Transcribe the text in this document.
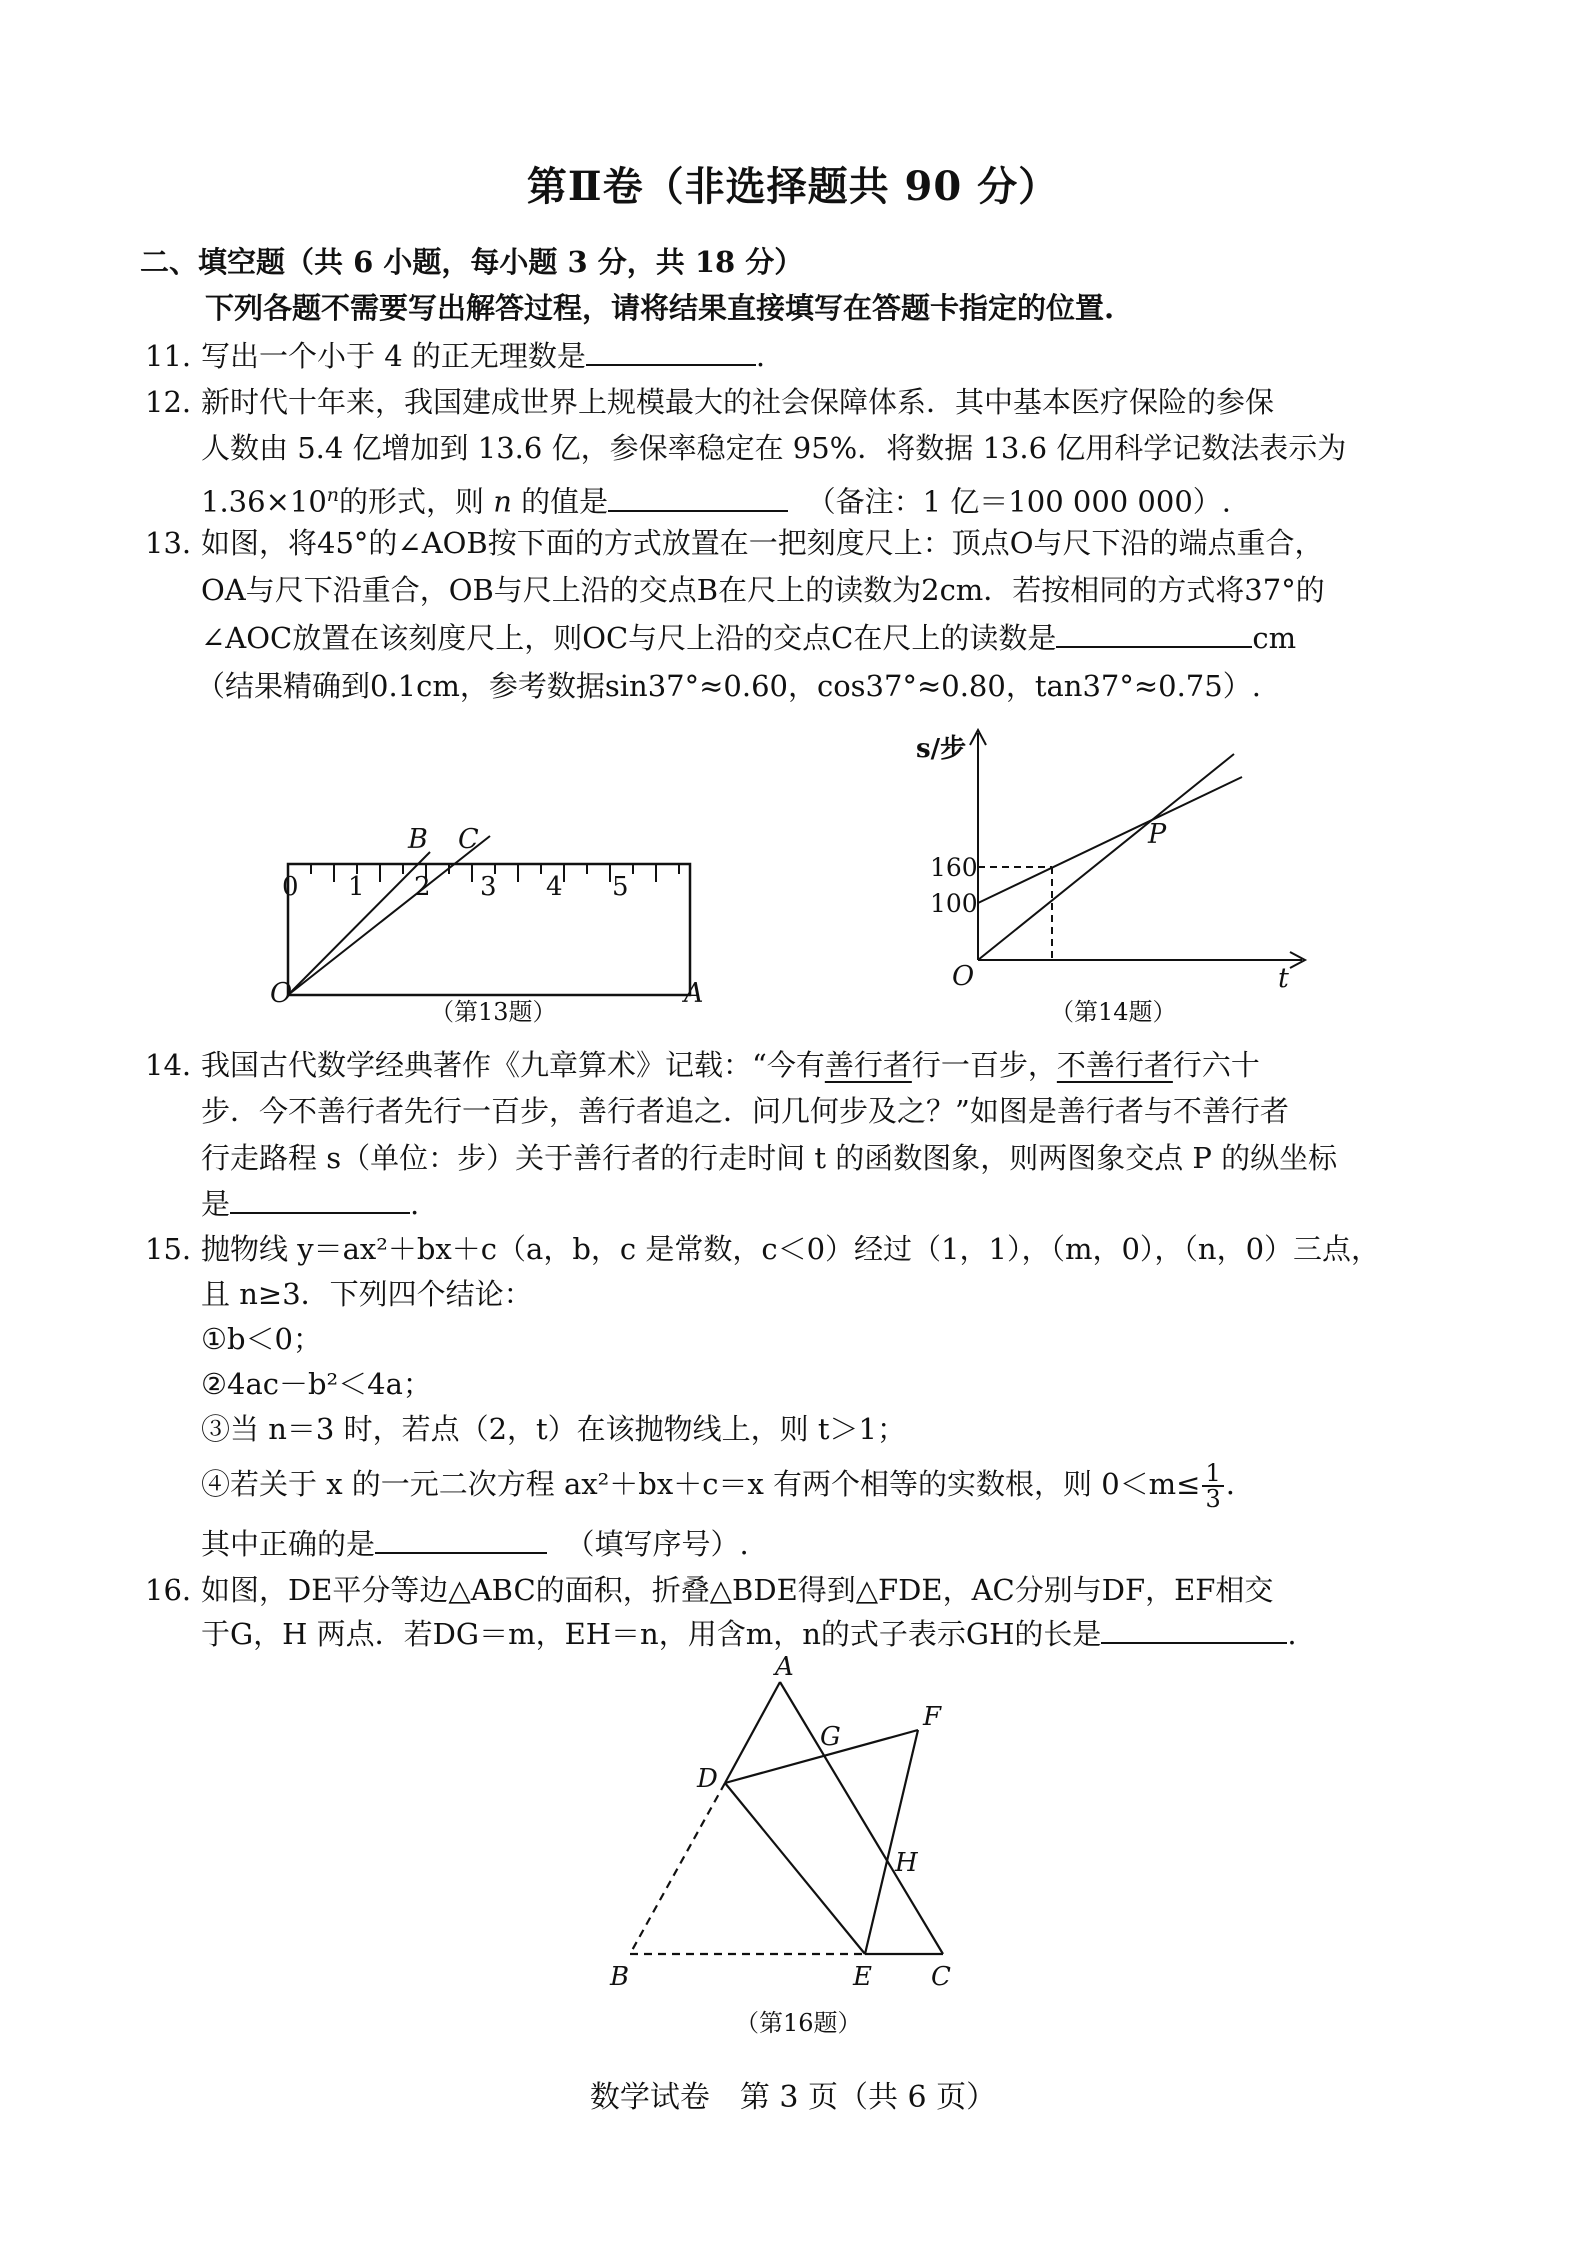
第Ⅱ卷（非选择题共 90 分）
二、填空题（共 6 小题，每小题 3 分，共 18 分）
下列各题不需要写出解答过程，请将结果直接填写在答题卡指定的位置.
11. 写出一个小于 4 的正无理数是	.
12. 新时代十年来，我国建成世界上规模最大的社会保障体系．其中基本医疗保险的参保
人数由 5.4 亿增加到 13.6 亿，参保率稳定在 95%．将数据 13.6 亿用科学记数法表示为
$1.36\times 10^n$的形式，则 n 的值是	（备注：1 亿＝100 000 000）.
13. 如图，将45°的∠AOB按下面的方式放置在一把刻度尺上：顶点O与尺下沿的端点重合，
OA与尺下沿重合，OB与尺上沿的交点B在尺上的读数为2cm．若按相同的方式将37°的
∠AOC放置在该刻度尺上，则OC与尺上沿的交点C在尺上的读数是	cm
（结果精确到0.1cm，参考数据sin37°≈0.60，cos37°≈0.80，tan37°≈0.75）.
0 1 2 3 4 5
B C
O	A
（第13题）
s/步
160
100
O	t
P
（第14题）
14. 我国古代数学经典著作《九章算术》记载：“今有善行者行一百步，不善行者行六十
步．今不善行者先行一百步，善行者追之．问几何步及之？”如图是善行者与不善行者
行走路程 s（单位：步）关于善行者的行走时间 t 的函数图象，则两图象交点 P 的纵坐标
是	.
15. 抛物线 y＝ax²＋bx＋c（a，b，c 是常数，c＜0）经过（1，1），（m，0），（n，0）三点，
且 n≥3．下列四个结论：
①b＜0；
②4ac－b²＜4a；
③当 n＝3 时，若点（2，t）在该抛物线上，则 t＞1；
④若关于 x 的一元二次方程 ax²＋bx＋c＝x 有两个相等的实数根，则 $0<m\le \frac{1}{3}$ .
其中正确的是	（填写序号）.
16. 如图，DE平分等边△ABC的面积，折叠△BDE得到△FDE，AC分别与DF，EF相交
于G，H 两点．若DG＝m，EH＝n，用含m，n的式子表示GH的长是	.
A
B	C
D
E
F
G
H
（第16题）
数学试卷　第 3 页（共 6 页）
